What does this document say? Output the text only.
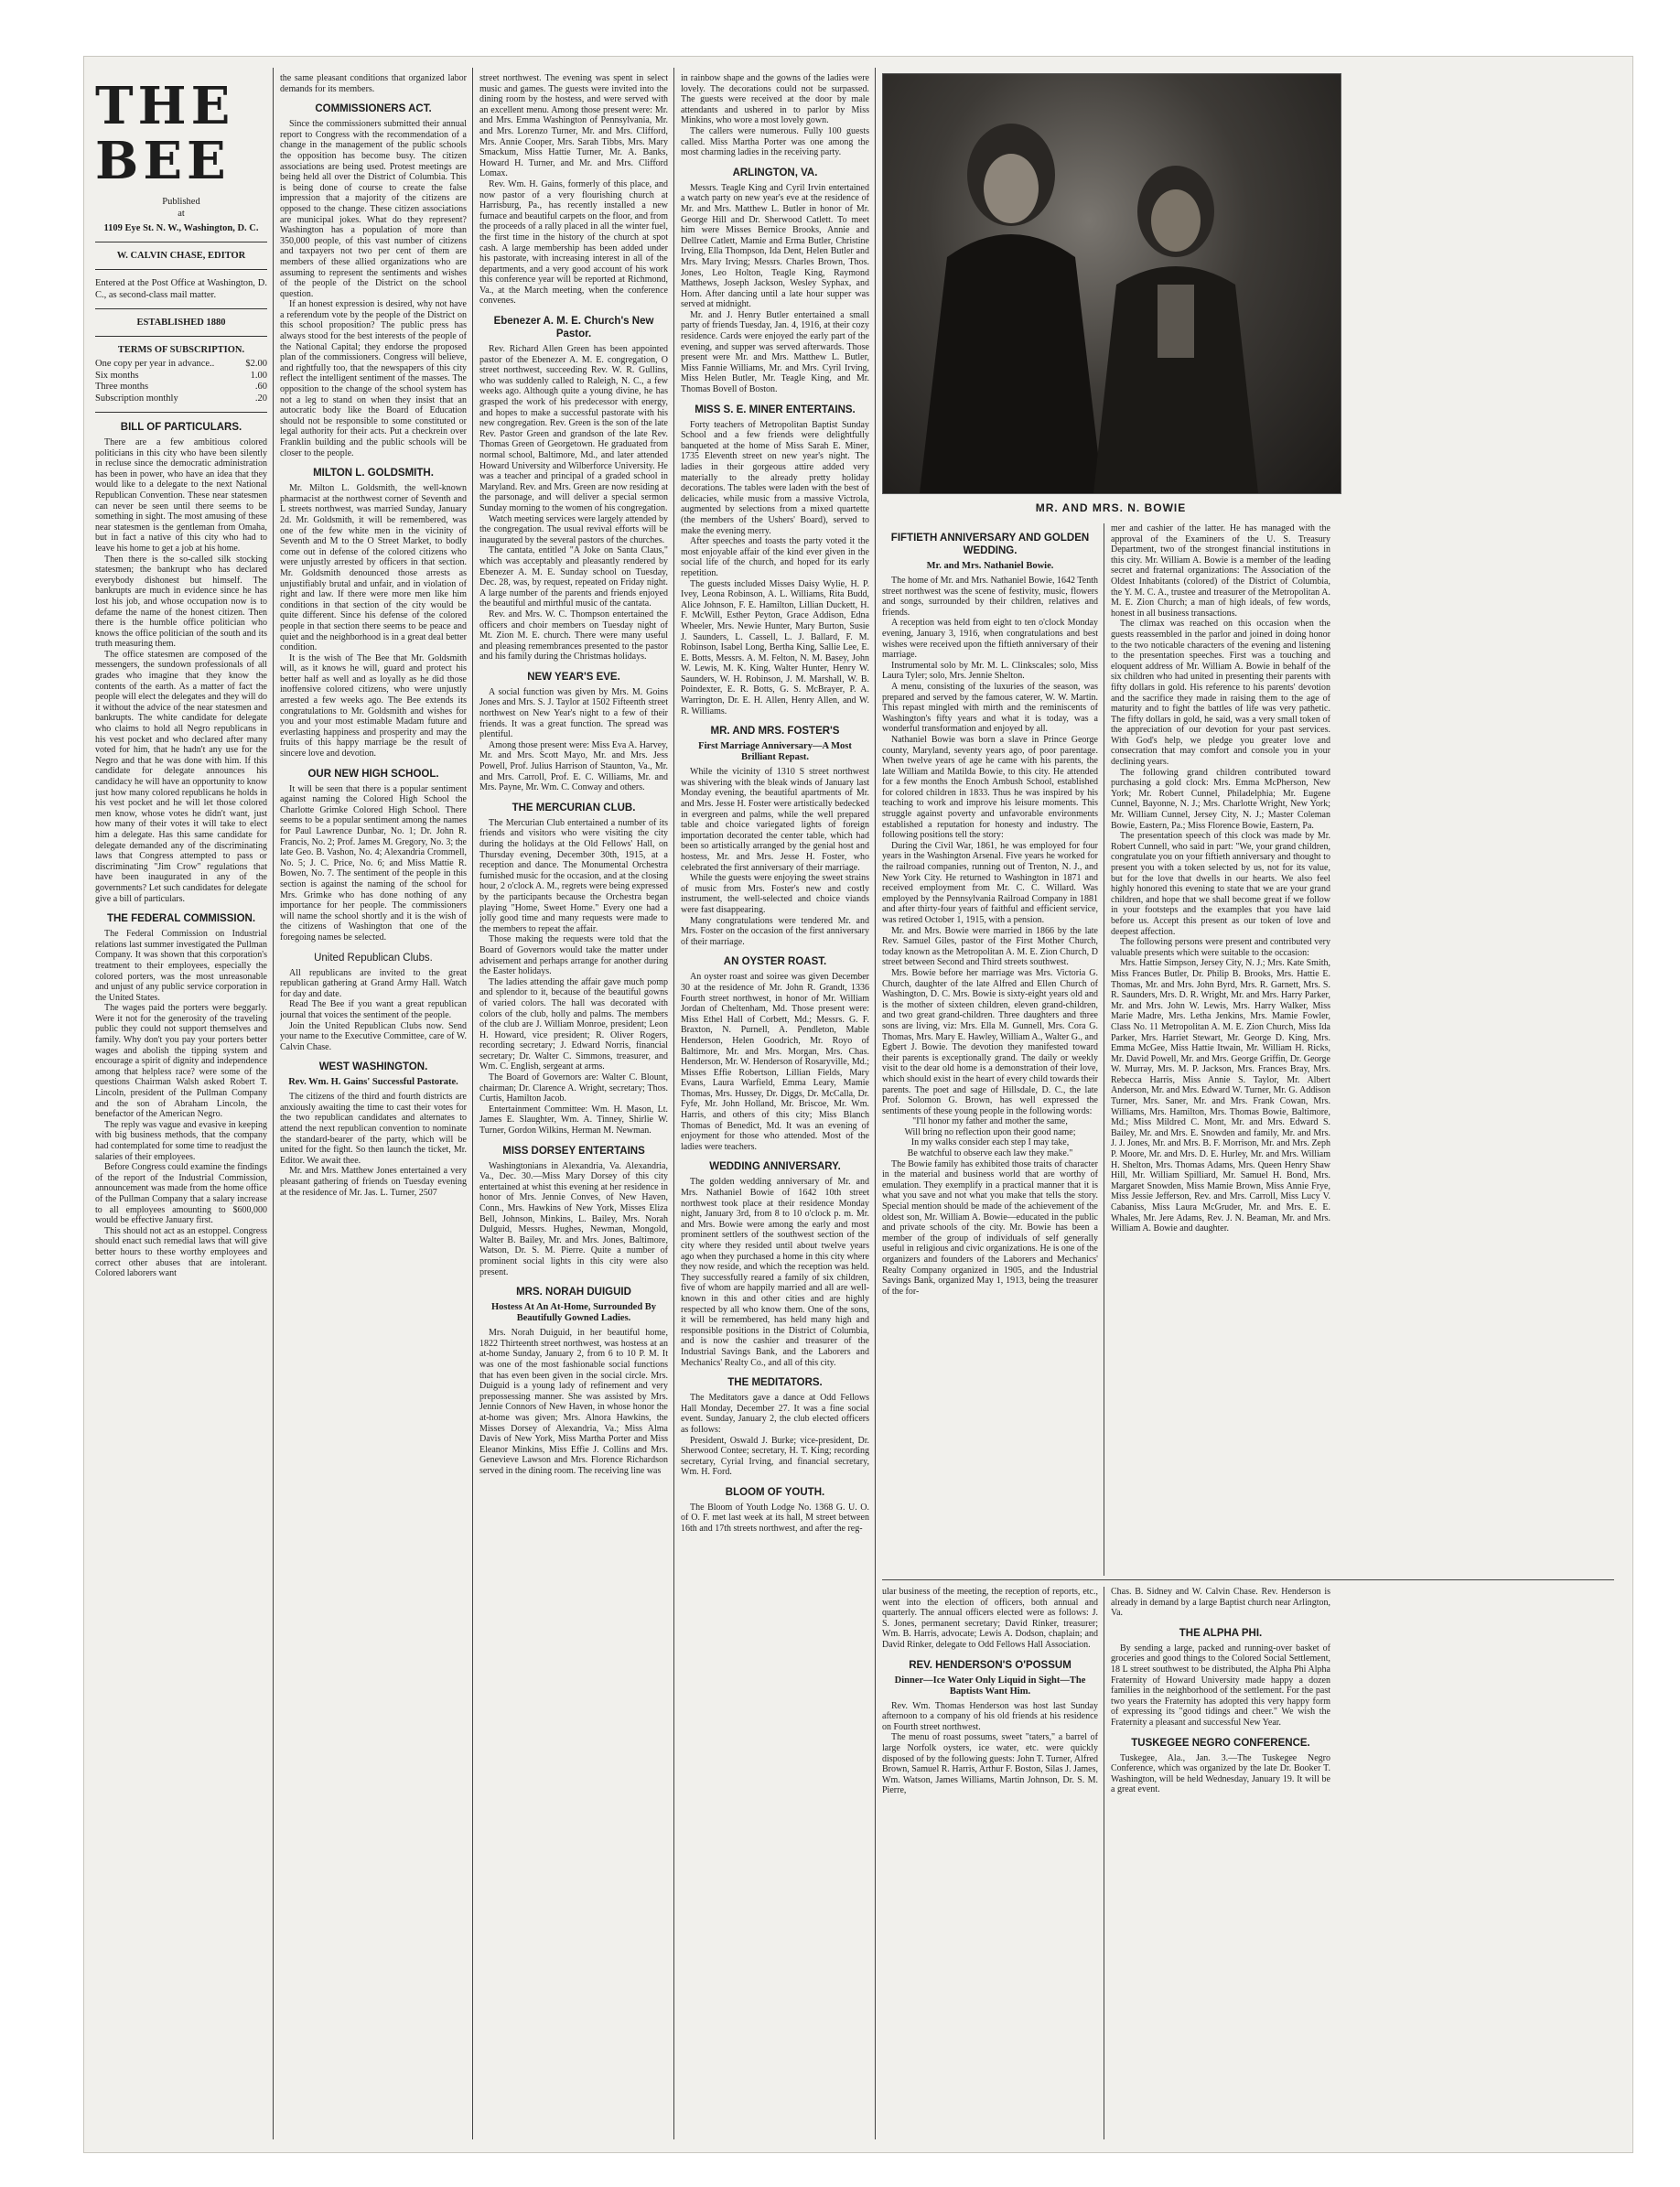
THE BEE
Published
at
1109 Eye St. N. W., Washington, D. C.
W. CALVIN CHASE, EDITOR
Entered at the Post Office at Washington, D. C., as second-class mail matter.
ESTABLISHED 1880
TERMS OF SUBSCRIPTION.
One copy per year in advance..	$2.00
Six months	1.00
Three months	.60
Subscription monthly	.20
BILL OF PARTICULARS.

There are a few ambitious colored politicians in this city who have been silently in recluse since the democratic administration has been in power, who have an idea that they would like to a delegate to the next National Republican Convention. These near statesmen can never be seen until there seems to be something in sight. The most amusing of these near statesmen is the gentleman from Omaha, but in fact a native of this city who had to leave his home to get a job at his home.

Then there is the so-called silk stocking statesmen; the bankrupt who has declared everybody dishonest but himself. The bankrupts are much in evidence since he has lost his job, and whose occupation now is to defame the name of the honest citizen. Then there is the humble office politician who knows the office politician of the south and its truth measuring them.

The office statesmen are composed of the messengers, the sundown professionals of all grades who imagine that they know the contents of the earth. As a matter of fact the people will elect the delegates and they will do it without the advice of the near statesmen and bankrupts. The white candidate for delegate who claims to hold all Negro republicans in his vest pocket and who declared after many voted for him, that he hadn't any use for the Negro and that he was done with him. If this candidate for delegate announces his candidacy he will have an opportunity to know just how many colored republicans he holds in his vest pocket and he will let those colored men know, whose votes he didn't want, just how many of their votes it will take to elect him a delegate. Has this same candidate for delegate demanded any of the discriminating laws that Congress attempted to pass or discriminating "Jim Crow" regulations that have been inaugurated in any of the governments? Let such candidates for delegate give a bill of particulars.

THE FEDERAL COMMISSION.

The Federal Commission on Industrial relations last summer investigated the Pullman Company. It was shown that this corporation's treatment to their employees, especially the colored porters, was the most unreasonable and unjust of any public service corporation in the United States.

The wages paid the porters were beggarly. Were it not for the generosity of the traveling public they could not support themselves and family. Why don't you pay your porters better wages and abolish the tipping system and encourage a spirit of dignity and independence among that helpless race? were some of the questions Chairman Walsh asked Robert T. Lincoln, president of the Pullman Company and the son of Abraham Lincoln, the benefactor of the American Negro.

The reply was vague and evasive in keeping with big business methods, that the company had contemplated for some time to readjust the salaries of their employees.

Before Congress could examine the findings of the report of the Industrial Commission, announcement was made from the home office of the Pullman Company that a salary increase to all employees amounting to $600,000 would be effective January first.

This should not act as an estoppel. Congress should enact such remedial laws that will give better hours to these worthy employees and correct other abuses that are intolerant. Colored laborers want

the same pleasant conditions that organized labor demands for its members.

COMMISSIONERS ACT.

Since the commissioners submitted their annual report to Congress with the recommendation of a change in the management of the public schools the opposition has become busy. The citizen associations are being used. Protest meetings are being held all over the District of Columbia. This is being done of course to create the false impression that a majority of the citizens are opposed to the change. These citizen associations are municipal jokes. What do they represent? Washington has a population of more than 350,000 people, of this vast number of citizens and taxpayers not two per cent of them are members of these allied organizations who are assuming to represent the sentiments and wishes of the people of the District on the school question.

If an honest expression is desired, why not have a referendum vote by the people of the District on this school proposition? The public press has always stood for the best interests of the people of the National Capital; they endorse the proposed plan of the commissioners. Congress will believe, and rightfully too, that the newspapers of this city reflect the intelligent sentiment of the masses. The opposition to the change of the school system has not a leg to stand on when they insist that an autocratic body like the Board of Education should not be responsible to some constituted or legal authority for their acts. Put a checkrein over Franklin building and the public schools will be closer to the people.

MILTON L. GOLDSMITH.

Mr. Milton L. Goldsmith, the well-known pharmacist at the northwest corner of Seventh and L streets northwest, was married Sunday, January 2d. Mr. Goldsmith, it will be remembered, was one of the few white men in the vicinity of Seventh and M to the O Street Market, to bodly come out in defense of the colored citizens who were unjustly arrested by officers in that section. Mr. Goldsmith denounced those arrests as unjustifiably brutal and unfair, and in violation of right and law. If there were more men like him conditions in that section of the city would be quite different. Since his defense of the colored people in that section there seems to be peace and quiet and the neighborhood is in a great deal better condition.

It is the wish of The Bee that Mr. Goldsmith will, as it knows he will, guard and protect his better half as well and as loyally as he did those inoffensive colored citizens, who were unjustly arrested a few weeks ago. The Bee extends its congratulations to Mr. Goldsmith and wishes for you and your most estimable Madam future and everlasting happiness and prosperity and may the fruits of this happy marriage be the result of sincere love and devotion.

OUR NEW HIGH SCHOOL.

It will be seen that there is a popular sentiment against naming the Colored High School the Charlotte Grimke Colored High School. There seems to be a popular sentiment among the names for Paul Lawrence Dunbar, No. 1; Dr. John R. Francis, No. 2; Prof. James M. Gregory, No. 3; the late Geo. B. Vashon, No. 4; Alexandria Crommell, No. 5; J. C. Price, No. 6; and Miss Mattie R. Bowen, No. 7. The sentiment of the people in this section is against the naming of the school for Mrs. Grimke who has done nothing of any importance for her people. The commissioners will name the school shortly and it is the wish of the citizens of Washington that one of the foregoing names be selected.

United Republican Clubs.

All republicans are invited to the great republican gathering at Grand Army Hall. Watch for day and date.

Read The Bee if you want a great republican journal that voices the sentiment of the people.

Join the United Republican Clubs now. Send your name to the Executive Committee, care of W. Calvin Chase.

WEST WASHINGTON.
Rev. Wm. H. Gains' Successful Pastorate.

The citizens of the third and fourth districts are anxiously awaiting the time to cast their votes for the two republican candidates and alternates to attend the next republican convention to nominate the standard-bearer of the party, which will be united for the fight. So then launch the ticket, Mr. Editor. We await thee.

Mr. and Mrs. Matthew Jones entertained a very pleasant gathering of friends on Tuesday evening at the residence of Mr. Jas. L. Turner, 2507

street northwest. The evening was spent in select music and games. The guests were invited into the dining room by the hostess, and were served with an excellent menu. Among those present were: Mr. and Mrs. Emma Washington of Pennsylvania, Mr. and Mrs. Lorenzo Turner, Mr. and Mrs. Clifford, Mrs. Annie Cooper, Mrs. Sarah Tibbs, Mrs. Mary Smackum, Miss Hattie Turner, Mr. A. Banks, Howard H. Turner, and Mr. and Mrs. Clifford Lomax.

Rev. Wm. H. Gains, formerly of this place, and now pastor of a very flourishing church at Harrisburg, Pa., has recently installed a new furnace and beautiful carpets on the floor, and from the proceeds of a rally placed in all the winter fuel, the first time in the history of the church at spot cash. A large membership has been added under his pastorate, with increasing interest in all of the departments, and a very good account of his work this conference year will be reported at Richmond, Va., at the March meeting, when the conference convenes.

Ebenezer A. M. E. Church's New Pastor.

Rev. Richard Allen Green has been appointed pastor of the Ebenezer A. M. E. congregation, O street northwest, succeeding Rev. W. R. Gullins, who was suddenly called to Raleigh, N. C., a few weeks ago. Although quite a young divine, he has grasped the work of his predecessor with energy, and hopes to make a successful pastorate with his new congregation. Rev. Green is the son of the late Rev. Pastor Green and grandson of the late Rev. Thomas Green of Georgetown. He graduated from normal school, Baltimore, Md., and later attended Howard University and Wilberforce University. He was a teacher and principal of a graded school in Maryland. Rev. and Mrs. Green are now residing at the parsonage, and will deliver a special sermon Sunday morning to the women of his congregation.

Watch meeting services were largely attended by the congregation. The usual revival efforts will be inaugurated by the several pastors of the churches.

The cantata, entitled "A Joke on Santa Claus," which was acceptably and pleasantly rendered by Ebenezer A. M. E. Sunday school on Tuesday, Dec. 28, was, by request, repeated on Friday night. A large number of the parents and friends enjoyed the beautiful and mirthful music of the cantata.

Rev. and Mrs. W. C. Thompson entertained the officers and choir members on Tuesday night of Mt. Zion M. E. church. There were many useful and pleasing remembrances presented to the pastor and his family during the Christmas holidays.

NEW YEAR'S EVE.

A social function was given by Mrs. M. Goins Jones and Mrs. S. J. Taylor at 1502 Fifteenth street northwest on New Year's night to a few of their friends. It was a great function. The spread was plentiful.

Among those present were: Miss Eva A. Harvey, Mr. and Mrs. Scott Mayo, Mr. and Mrs. Jess Powell, Prof. Julius Harrison of Staunton, Va., Mr. and Mrs. Carroll, Prof. E. C. Williams, Mr. and Mrs. Payne, Mr. Wm. C. Conway and others.

THE MERCURIAN CLUB.

The Mercurian Club entertained a number of its friends and visitors who were visiting the city during the holidays at the Old Fellows' Hall, on Thursday evening, December 30th, 1915, at a reception and dance. The Monumental Orchestra furnished music for the occasion, and at the closing hour, 2 o'clock A. M., regrets were being expressed by the participants because the Orchestra began playing "Home, Sweet Home." Every one had a jolly good time and many requests were made to the members to repeat the affair.

Those making the requests were told that the Board of Governors would take the matter under advisement and perhaps arrange for another during the Easter holidays.

The ladies attending the affair gave much pomp and splendor to it, because of the beautiful gowns of varied colors. The hall was decorated with colors of the club, holly and palms. The members of the club are J. William Monroe, president; Leon H. Howard, vice president; R. Oliver Rogers, recording secretary; J. Edward Norris, financial secretary; Dr. Walter C. Simmons, treasurer, and Wm. C. English, sergeant at arms.

The Board of Governors are: Walter C. Blount, chairman; Dr. Clarence A. Wright, secretary; Thos. Curtis, Hamilton Jacob.

Entertainment Committee: Wm. H. Mason, Lt. James E. Slaughter, Wm. A. Tinney, Shirlie W. Turner, Gordon Wilkins, Herman M. Newman.

MISS DORSEY ENTERTAINS

Washingtonians in Alexandria, Va. Alexandria, Va., Dec. 30.—Miss Mary Dorsey of this city entertained at whist this evening at her residence in honor of Mrs. Jennie Conves, of New Haven, Conn., Mrs. Hawkins of New York, Misses Eliza Bell, Johnson, Minkins, L. Bailey, Mrs. Norah Dulguid, Messrs. Hughes, Newman, Mongold, Walter B. Bailey, Mr. and Mrs. Jones, Baltimore, Watson, Dr. S. M. Pierre. Quite a number of prominent social lights in this city were also present.

MRS. NORAH DUIGUID
Hostess At An At-Home, Surrounded By Beautifully Gowned Ladies.

Mrs. Norah Duiguid, in her beautiful home, 1822 Thirteenth street northwest, was hostess at an at-home Sunday, January 2, from 6 to 10 P. M. It was one of the most fashionable social functions that has even been given in the social circle. Mrs. Duiguid is a young lady of refinement and very prepossessing manner. She was assisted by Mrs. Jennie Connors of New Haven, in whose honor the at-home was given; Mrs. Alnora Hawkins, the Misses Dorsey of Alexandria, Va.; Miss Alma Davis of New York, Miss Martha Porter and Miss Eleanor Minkins, Miss Effie J. Collins and Mrs. Genevieve Lawson and Mrs. Florence Richardson served in the dining room. The receiving line was

in rainbow shape and the gowns of the ladies were lovely. The decorations could not be surpassed. The guests were received at the door by male attendants and ushered in to parlor by Miss Minkins, who wore a most lovely gown.

The callers were numerous. Fully 100 guests called. Miss Martha Porter was one among the most charming ladies in the receiving party.

ARLINGTON, VA.

Messrs. Teagle King and Cyril Irvin entertained a watch party on new year's eve at the residence of Mr. and Mrs. Matthew L. Butler in honor of Mr. George Hill and Dr. Sherwood Catlett. To meet him were Misses Bernice Brooks, Annie and Dellree Catlett, Mamie and Erma Butler, Christine Irving, Ella Thompson, Ida Dent, Helen Butler and Mrs. Mary Irving; Messrs. Charles Brown, Thos. Jones, Leo Holton, Teagle King, Raymond Matthews, Joseph Jackson, Wesley Syphax, and Horn. After dancing until a late hour supper was served at midnight.

Mr. and J. Henry Butler entertained a small party of friends Tuesday, Jan. 4, 1916, at their cozy residence. Cards were enjoyed the early part of the evening, and supper was served afterwards. Those present were Mr. and Mrs. Matthew L. Butler, Miss Fannie Williams, Mr. and Mrs. Cyril Irving, Miss Helen Butler, Mr. Teagle King, and Mr. Thomas Bovell of Boston.

MISS S. E. MINER ENTERTAINS.

Forty teachers of Metropolitan Baptist Sunday School and a few friends were delightfully banqueted at the home of Miss Sarah E. Miner, 1735 Eleventh street on new year's night. The ladies in their gorgeous attire added very materially to the already pretty holiday decorations. The tables were laden with the best of delicacies, while music from a massive Victrola, augmented by selections from a mixed quartette (the members of the Ushers' Board), served to make the evening merry.

After speeches and toasts the party voted it the most enjoyable affair of the kind ever given in the social life of the church, and hoped for its early repetition.

The guests included Misses Daisy Wylie, H. P. Ivey, Leona Robinson, A. L. Williams, Rita Budd, Alice Johnson, F. E. Hamilton, Lillian Duckett, H. F. McWill, Esther Peyton, Grace Addison, Edna Wheeler, Mrs. Newie Hunter, Mary Burton, Susie J. Saunders, L. Cassell, L. J. Ballard, F. M. Robinson, Isabel Long, Bertha King, Sallie Lee, E. E. Botts, Messrs. A. M. Felton, N. M. Basey, John W. Lewis, M. K. King, Walter Hunter, Henry W. Saunders, W. H. Robinson, J. M. Marshall, W. B. Poindexter, E. R. Botts, G. S. McBrayer, P. A. Warrington, Dr. E. H. Allen, Henry Allen, and W. R. Williams.

MR. AND MRS. FOSTER'S
First Marriage Anniversary—A Most Brilliant Repast.

While the vicinity of 1310 S street northwest was shivering with the bleak winds of January last Monday evening, the beautiful apartments of Mr. and Mrs. Jesse H. Foster were artistically bedecked in evergreen and palms, while the well prepared table and choice variegated lights of foreign importation decorated the center table, which had been so artistically arranged by the genial host and hostess, Mr. and Mrs. Jesse H. Foster, who celebrated the first anniversary of their marriage.

While the guests were enjoying the sweet strains of music from Mrs. Foster's new and costly instrument, the well-selected and choice viands were fast disappearing.

Many congratulations were tendered Mr. and Mrs. Foster on the occasion of the first anniversary of their marriage.

AN OYSTER ROAST.

An oyster roast and soiree was given December 30 at the residence of Mr. John R. Grandt, 1336 Fourth street northwest, in honor of Mr. William Jordan of Cheltenham, Md. Those present were: Miss Ethel Hall of Corbett, Md.; Messrs. G. F. Braxton, N. Purnell, A. Pendleton, Mable Henderson, Helen Goodrich, Mr. Royo of Baltimore, Mr. and Mrs. Morgan, Mrs. Chas. Henderson, Mr. W. Henderson of Rosaryville, Md.; Misses Effie Robertson, Lillian Fields, Mary Evans, Laura Warfield, Emma Leary, Mamie Thomas, Mrs. Hussey, Dr. Diggs, Dr. McCalla, Dr. Fyfe, Mr. John Holland, Mr. Briscoe, Mr. Wm. Harris, and others of this city; Miss Blanch Thomas of Benedict, Md. It was an evening of enjoyment for those who attended. Most of the ladies were teachers.

WEDDING ANNIVERSARY.

The golden wedding anniversary of Mr. and Mrs. Nathaniel Bowie of 1642 10th street northwest took place at their residence Monday night, January 3rd, from 8 to 10 o'clock p. m. Mr. and Mrs. Bowie were among the early and most prominent settlers of the southwest section of the city where they resided until about twelve years ago when they purchased a home in this city where they now reside, and which the reception was held. They successfully reared a family of six children, five of whom are happily married and all are well-known in this and other cities and are highly respected by all who know them. One of the sons, it will be remembered, has held many high and responsible positions in the District of Columbia, and is now the cashier and treasurer of the Industrial Savings Bank, and the Laborers and Mechanics' Realty Co., and all of this city.

THE MEDITATORS.

The Meditators gave a dance at Odd Fellows Hall Monday, December 27. It was a fine social event. Sunday, January 2, the club elected officers as follows:

President, Oswald J. Burke; vice-president, Dr. Sherwood Contee; secretary, H. T. King; recording secretary, Cyrial Irving, and financial secretary, Wm. H. Ford.

BLOOM OF YOUTH.

The Bloom of Youth Lodge No. 1368 G. U. O. of O. F. met last week at its hall, M street between 16th and 17th streets northwest, and after the reg-

MR. AND MRS. N. BOWIE
FIFTIETH ANNIVERSARY AND GOLDEN WEDDING.
Mr. and Mrs. Nathaniel Bowie.

The home of Mr. and Mrs. Nathaniel Bowie, 1642 Tenth street northwest was the scene of festivity, music, flowers and songs, surrounded by their children, relatives and friends.

A reception was held from eight to ten o'clock Monday evening, January 3, 1916, when congratulations and best wishes were received upon the fiftieth anniversary of their marriage.

Instrumental solo by Mr. M. L. Clinkscales; solo, Miss Laura Tyler; solo, Mrs. Jennie Shelton.

A menu, consisting of the luxuries of the season, was prepared and served by the famous caterer, W. W. Martin. This repast mingled with mirth and the reminiscents of Washington's fifty years and what it is today, was a wonderful transformation and enjoyed by all.

Nathaniel Bowie was born a slave in Prince George county, Maryland, seventy years ago, of poor parentage. When twelve years of age he came with his parents, the late William and Matilda Bowie, to this city. He attended for a few months the Enoch Ambush School, established for colored children in 1833. Thus he was inspired by his teaching to work and improve his leisure moments. This struggle against poverty and unfavorable environments established a reputation for honesty and industry. The following positions tell the story:

During the Civil War, 1861, he was employed for four years in the Washington Arsenal. Five years he worked for the railroad companies, running out of Trenton, N. J., and New York City. He returned to Washington in 1871 and received employment from Mr. C. C. Willard. Was employed by the Pennsylvania Railroad Company in 1881 and after thirty-four years of faithful and efficient service, was retired October 1, 1915, with a pension.

Mr. and Mrs. Bowie were married in 1866 by the late Rev. Samuel Giles, pastor of the First Mother Church, today known as the Metropolitan A. M. E. Zion Church, D street between Second and Third streets southwest.

Mrs. Bowie before her marriage was Mrs. Victoria G. Church, daughter of the late Alfred and Ellen Church of Washington, D. C. Mrs. Bowie is sixty-eight years old and is the mother of sixteen children, eleven grand-children, and two great grand-children. Three daughters and three sons are living, viz: Mrs. Ella M. Gunnell, Mrs. Cora G. Thomas, Mrs. Mary E. Hawley, William A., Walter G., and Egbert J. Bowie. The devotion they manifested toward their parents is exceptionally grand. The daily or weekly visit to the dear old home is a demonstration of their love, which should exist in the heart of every child towards their parents. The poet and sage of Hillsdale, D. C., the late Prof. Solomon G. Brown, has well expressed the sentiments of these young people in the following words:

"I'll honor my father and mother the same,

Will bring no reflection upon their good name;

In my walks consider each step I may take,

Be watchful to observe each law they make."

The Bowie family has exhibited those traits of character in the material and business world that are worthy of emulation. They exemplify in a practical manner that it is what you save and not what you make that tells the story. Special mention should be made of the achievement of the oldest son, Mr. William A. Bowie—educated in the public and private schools of the city. Mr. Bowie has been a member of the group of individuals of self generally useful in religious and civic organizations. He is one of the organizers and founders of the Laborers and Mechanics' Realty Company organized in 1905, and the Industrial Savings Bank, organized May 1, 1913, being the treasurer of the for-

mer and cashier of the latter. He has managed with the approval of the Examiners of the U. S. Treasury Department, two of the strongest financial institutions in this city. Mr. William A. Bowie is a member of the leading secret and fraternal organizations: The Association of the Oldest Inhabitants (colored) of the District of Columbia, the Y. M. C. A., trustee and treasurer of the Metropolitan A. M. E. Zion Church; a man of high ideals, of few words, honest in all business transactions.

The climax was reached on this occasion when the guests reassembled in the parlor and joined in doing honor to the two noticable characters of the evening and listening to the presentation speeches. First was a touching and eloquent address of Mr. William A. Bowie in behalf of the six children who had united in presenting their parents with fifty dollars in gold. His reference to his parents' devotion and the sacrifice they made in raising them to the age of maturity and to fight the battles of life was very pathetic. The fifty dollars in gold, he said, was a very small token of the appreciation of our devotion for your past services. With God's help, we pledge you greater love and consecration that may comfort and console you in your declining years.

The following grand children contributed toward purchasing a gold clock: Mrs. Emma McPherson, New York; Mr. Robert Cunnel, Philadelphia; Mr. Eugene Cunnel, Bayonne, N. J.; Mrs. Charlotte Wright, New York; Mr. William Cunnel, Jersey City, N. J.; Master Coleman Bowie, Eastern, Pa.; Miss Florence Bowie, Eastern, Pa.

The presentation speech of this clock was made by Mr. Robert Cunnell, who said in part: "We, your grand children, congratulate you on your fiftieth anniversary and thought to present you with a token selected by us, not for its value, but for the love that dwells in our hearts. We also feel highly honored this evening to state that we are your grand children, and hope that we shall become great if we follow in your footsteps and the examples that you have laid before us. Accept this present as our token of love and deepest affection.

The following persons were present and contributed very valuable presents which were suitable to the occasion:

Mrs. Hattie Simpson, Jersey City, N. J.; Mrs. Kate Smith, Miss Frances Butler, Dr. Philip B. Brooks, Mrs. Hattie E. Thomas, Mr. and Mrs. John Byrd, Mrs. R. Garnett, Mrs. S. R. Saunders, Mrs. D. R. Wright, Mr. and Mrs. Harry Parker, Mr. and Mrs. John W. Lewis, Mrs. Harry Walker, Miss Marie Madre, Mrs. Letha Jenkins, Mrs. Mamie Fowler, Class No. 11 Metropolitan A. M. E. Zion Church, Miss Ida Parker, Mrs. Harriet Stewart, Mr. George D. King, Mrs. Emma McGee, Miss Hattie Itwain, Mr. William H. Ricks, Mr. David Powell, Mr. and Mrs. George Griffin, Dr. George W. Murray, Mrs. M. P. Jackson, Mrs. Frances Bray, Mrs. Rebecca Harris, Miss Annie S. Taylor, Mr. Albert Anderson, Mr. and Mrs. Edward W. Turner, Mr. G. Addison Turner, Mrs. Saner, Mr. and Mrs. Frank Cowan, Mrs. Williams, Mrs. Hamilton, Mrs. Thomas Bowie, Baltimore, Md.; Miss Mildred C. Mont, Mr. and Mrs. Edward S. Bailey, Mr. and Mrs. E. Snowden and family, Mr. and Mrs. J. J. Jones, Mr. and Mrs. B. F. Morrison, Mr. and Mrs. Zeph P. Moore, Mr. and Mrs. D. E. Hurley, Mr. and Mrs. William H. Shelton, Mrs. Thomas Adams, Mrs. Queen Henry Shaw Hill, Mr. William Spilliard, Mr. Samuel H. Bond, Mrs. Margaret Snowden, Miss Mamie Brown, Miss Annie Frye, Miss Jessie Jefferson, Rev. and Mrs. Carroll, Miss Lucy V. Cabaniss, Miss Laura McGruder, Mr. and Mrs. E. E. Whales, Mr. Jere Adams, Rev. J. N. Beaman, Mr. and Mrs. William A. Bowie and daughter.

ular business of the meeting, the reception of reports, etc., went into the election of officers, both annual and quarterly. The annual officers elected were as follows: J. S. Jones, permanent secretary; David Rinker, treasurer; Wm. B. Harris, advocate; Lewis A. Dodson, chaplain; and David Rinker, delegate to Odd Fellows Hall Association.

REV. HENDERSON'S O'POSSUM
Dinner—Ice Water Only Liquid in Sight—The Baptists Want Him.

Rev. Wm. Thomas Henderson was host last Sunday afternoon to a company of his old friends at his residence on Fourth street northwest.

The menu of roast possums, sweet "taters," a barrel of large Norfolk oysters, ice water, etc. were quickly disposed of by the following guests: John T. Turner, Alfred Brown, Samuel R. Harris, Arthur F. Boston, Silas J. James, Wm. Watson, James Williams, Martin Johnson, Dr. S. M. Pierre,

Chas. B. Sidney and W. Calvin Chase. Rev. Henderson is already in demand by a large Baptist church near Arlington, Va.

THE ALPHA PHI.

By sending a large, packed and running-over basket of groceries and good things to the Colored Social Settlement, 18 L street southwest to be distributed, the Alpha Phi Alpha Fraternity of Howard University made happy a dozen families in the neighborhood of the settlement. For the past two years the Fraternity has adopted this very happy form of expressing its "good tidings and cheer." We wish the Fraternity a pleasant and successful New Year.

TUSKEGEE NEGRO CONFERENCE.

Tuskegee, Ala., Jan. 3.—The Tuskegee Negro Conference, which was organized by the late Dr. Booker T. Washington, will be held Wednesday, January 19. It will be a great event.
